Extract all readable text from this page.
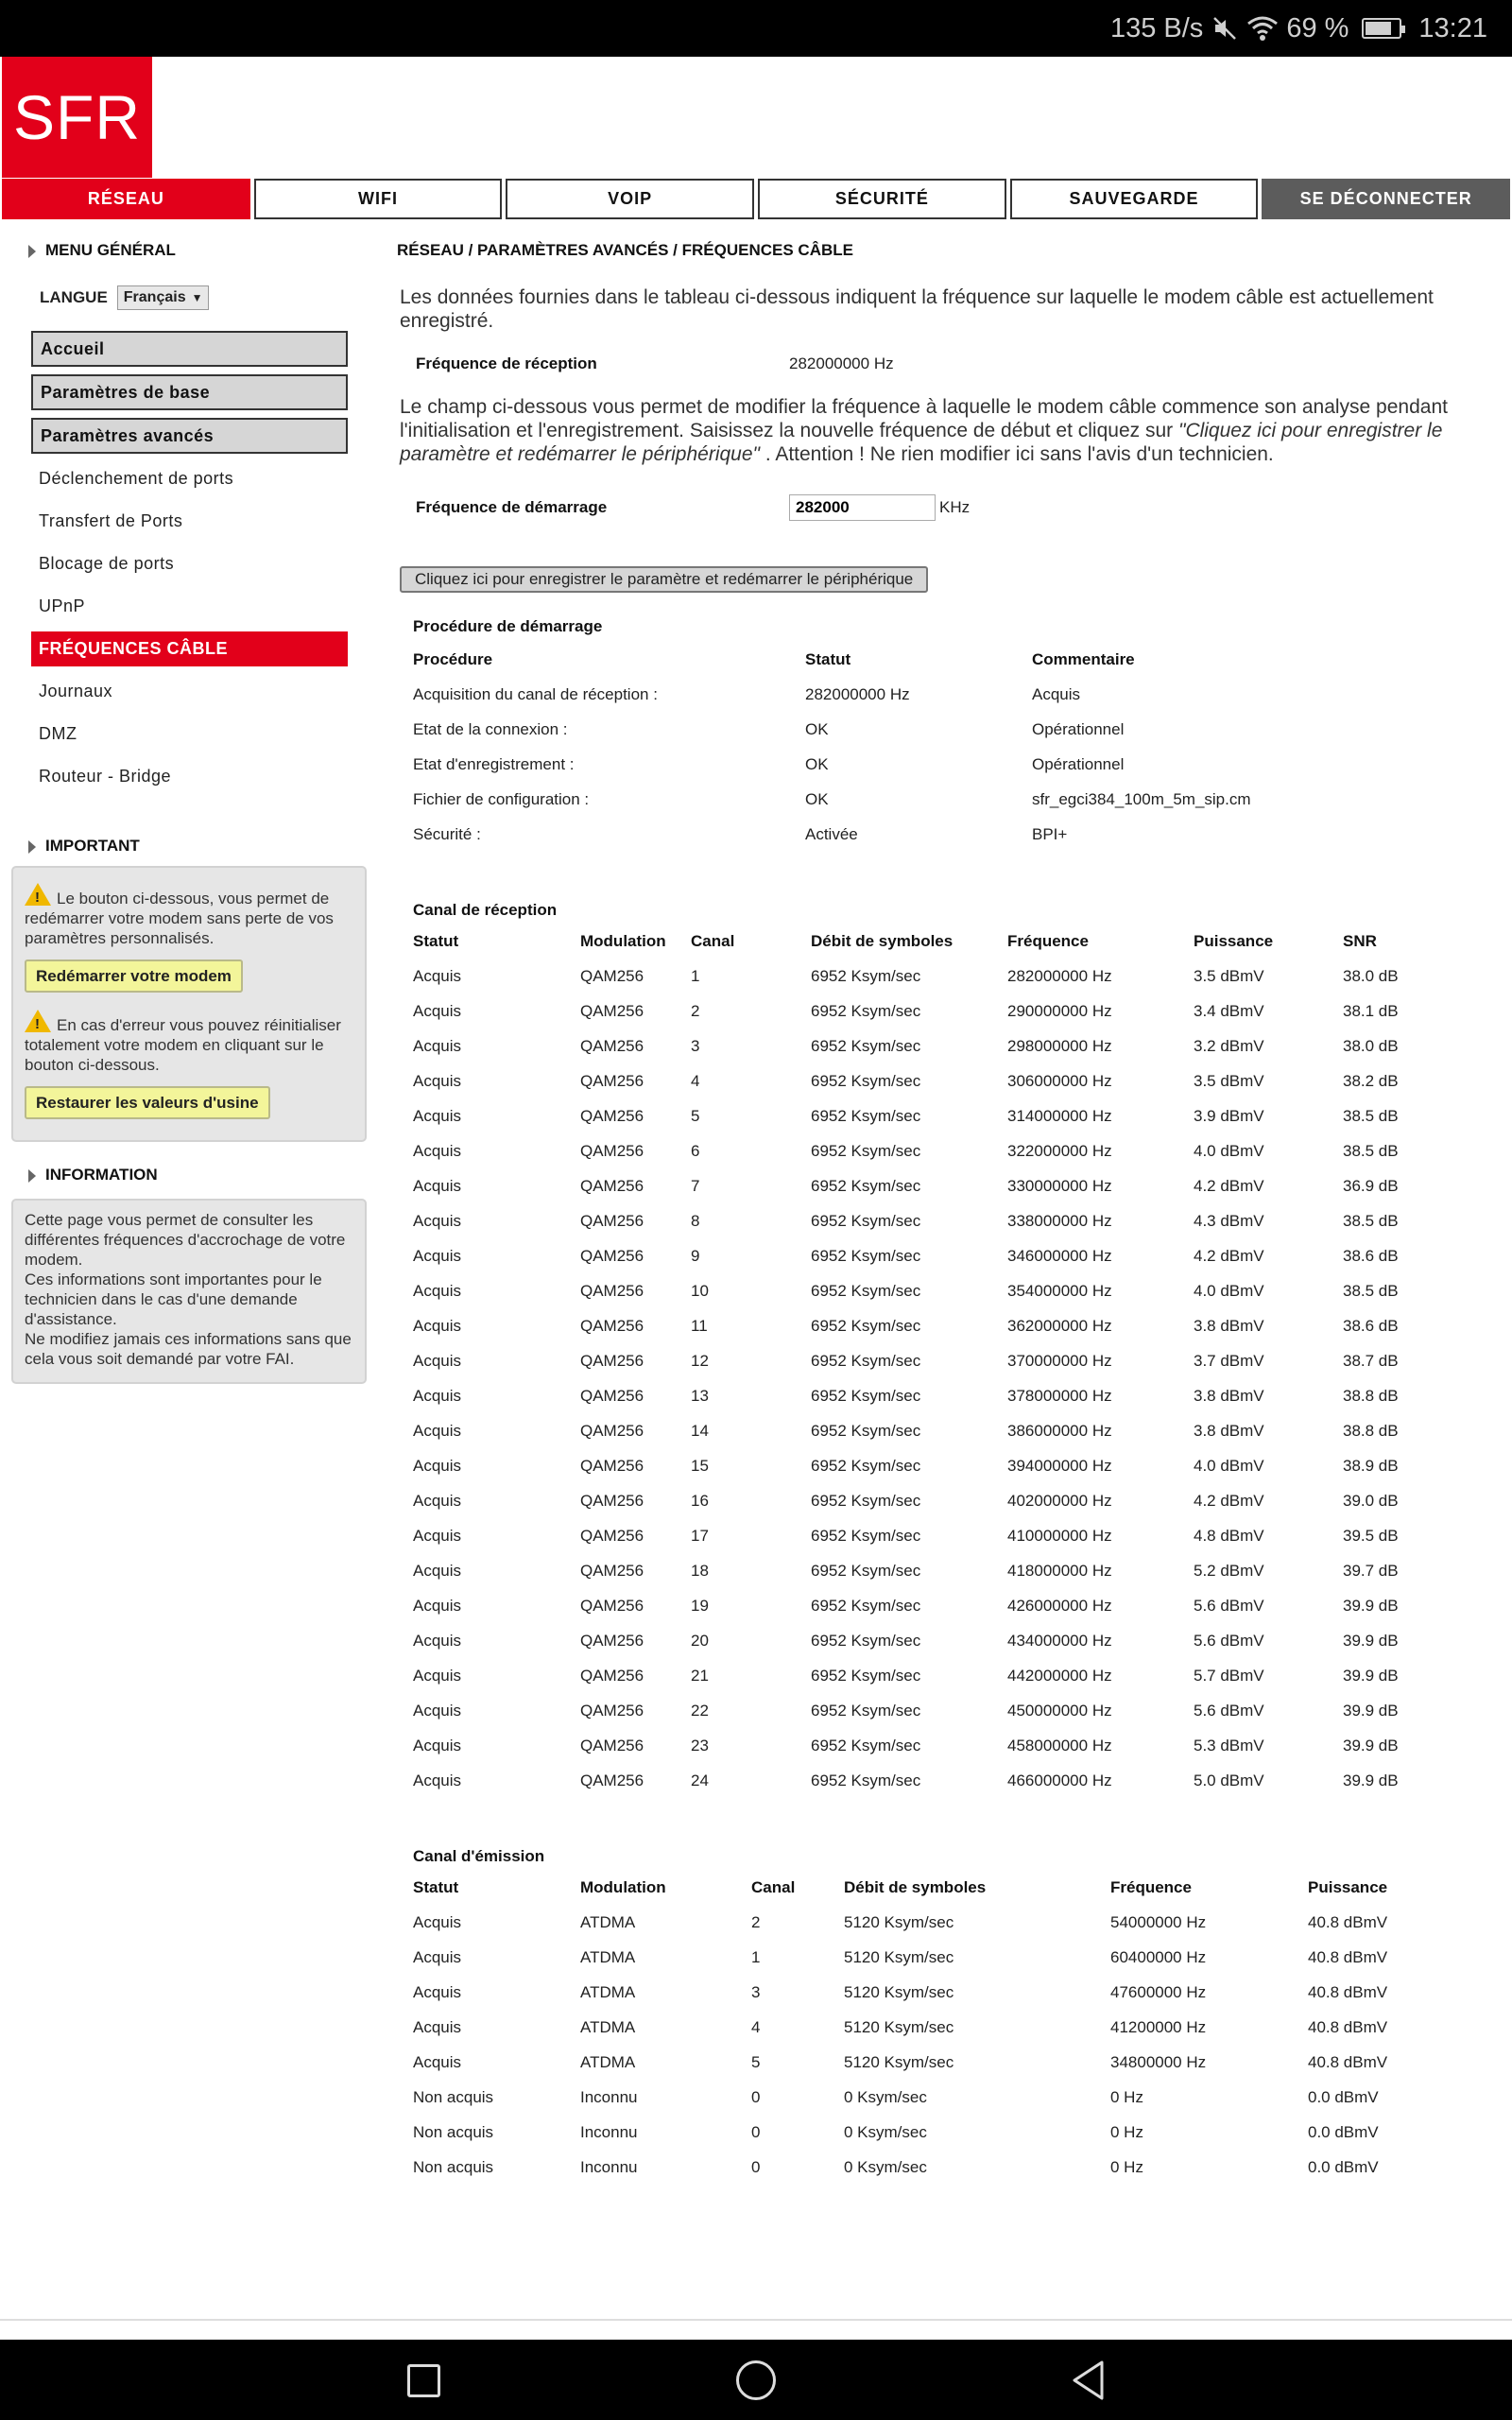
135 B/s	69 %	13:21
SFR
RÉSEAU	WIFI	VOIP	SÉCURITÉ	SAUVEGARDE	SE DÉCONNECTER
MENU GÉNÉRAL
LANGUE Français ▼
Accueil
Paramètres de base
Paramètres avancés
Déclenchement de ports
Transfert de Ports
Blocage de ports
UPnP
FRÉQUENCES CÂBLE
Journaux
DMZ
Routeur - Bridge
IMPORTANT
!Le bouton ci-dessous, vous permet de redémarrer votre modem sans perte de vos paramètres personnalisés.
Redémarrer votre modem
!En cas d'erreur vous pouvez réinitialiser totalement votre modem en cliquant sur le bouton ci-dessous.
Restaurer les valeurs d'usine
INFORMATION
Cette page vous permet de consulter les différentes fréquences d'accrochage de votre modem.
Ces informations sont importantes pour le technicien dans le cas d'une demande d'assistance.
Ne modifiez jamais ces informations sans que cela vous soit demandé par votre FAI.
RÉSEAU / PARAMÈTRES AVANCÉS / FRÉQUENCES CÂBLE
Les données fournies dans le tableau ci-dessous indiquent la fréquence sur laquelle le modem câble est actuellement enregistré.
Fréquence de réception	282000000 Hz
Le champ ci-dessous vous permet de modifier la fréquence à laquelle le modem câble commence son analyse pendant l'initialisation et l'enregistrement. Saisissez la nouvelle fréquence de début et cliquez sur "Cliquez ici pour enregistrer le paramètre et redémarrer le périphérique" . Attention ! Ne rien modifier ici sans l'avis d'un technicien.
Fréquence de démarrage
282000	KHz
Cliquez ici pour enregistrer le paramètre et redémarrer le périphérique
Procédure de démarrage
Procédure	Statut	Commentaire
Acquisition du canal de réception :	282000000 Hz	Acquis
Etat de la connexion :	OK	Opérationnel
Etat d'enregistrement :	OK	Opérationnel
Fichier de configuration :	OK	sfr_egci384_100m_5m_sip.cm
Sécurité :	Activée	BPI+
Canal de réception
Statut	Modulation	Canal	Débit de symboles	Fréquence	Puissance	SNR
Acquis	QAM256	1	6952 Ksym/sec	282000000 Hz	3.5 dBmV	38.0 dB
Acquis	QAM256	2	6952 Ksym/sec	290000000 Hz	3.4 dBmV	38.1 dB
Acquis	QAM256	3	6952 Ksym/sec	298000000 Hz	3.2 dBmV	38.0 dB
Acquis	QAM256	4	6952 Ksym/sec	306000000 Hz	3.5 dBmV	38.2 dB
Acquis	QAM256	5	6952 Ksym/sec	314000000 Hz	3.9 dBmV	38.5 dB
Acquis	QAM256	6	6952 Ksym/sec	322000000 Hz	4.0 dBmV	38.5 dB
Acquis	QAM256	7	6952 Ksym/sec	330000000 Hz	4.2 dBmV	36.9 dB
Acquis	QAM256	8	6952 Ksym/sec	338000000 Hz	4.3 dBmV	38.5 dB
Acquis	QAM256	9	6952 Ksym/sec	346000000 Hz	4.2 dBmV	38.6 dB
Acquis	QAM256	10	6952 Ksym/sec	354000000 Hz	4.0 dBmV	38.5 dB
Acquis	QAM256	11	6952 Ksym/sec	362000000 Hz	3.8 dBmV	38.6 dB
Acquis	QAM256	12	6952 Ksym/sec	370000000 Hz	3.7 dBmV	38.7 dB
Acquis	QAM256	13	6952 Ksym/sec	378000000 Hz	3.8 dBmV	38.8 dB
Acquis	QAM256	14	6952 Ksym/sec	386000000 Hz	3.8 dBmV	38.8 dB
Acquis	QAM256	15	6952 Ksym/sec	394000000 Hz	4.0 dBmV	38.9 dB
Acquis	QAM256	16	6952 Ksym/sec	402000000 Hz	4.2 dBmV	39.0 dB
Acquis	QAM256	17	6952 Ksym/sec	410000000 Hz	4.8 dBmV	39.5 dB
Acquis	QAM256	18	6952 Ksym/sec	418000000 Hz	5.2 dBmV	39.7 dB
Acquis	QAM256	19	6952 Ksym/sec	426000000 Hz	5.6 dBmV	39.9 dB
Acquis	QAM256	20	6952 Ksym/sec	434000000 Hz	5.6 dBmV	39.9 dB
Acquis	QAM256	21	6952 Ksym/sec	442000000 Hz	5.7 dBmV	39.9 dB
Acquis	QAM256	22	6952 Ksym/sec	450000000 Hz	5.6 dBmV	39.9 dB
Acquis	QAM256	23	6952 Ksym/sec	458000000 Hz	5.3 dBmV	39.9 dB
Acquis	QAM256	24	6952 Ksym/sec	466000000 Hz	5.0 dBmV	39.9 dB
Canal d'émission
Statut	Modulation	Canal	Débit de symboles	Fréquence	Puissance
Acquis	ATDMA	2	5120 Ksym/sec	54000000 Hz	40.8 dBmV
Acquis	ATDMA	1	5120 Ksym/sec	60400000 Hz	40.8 dBmV
Acquis	ATDMA	3	5120 Ksym/sec	47600000 Hz	40.8 dBmV
Acquis	ATDMA	4	5120 Ksym/sec	41200000 Hz	40.8 dBmV
Acquis	ATDMA	5	5120 Ksym/sec	34800000 Hz	40.8 dBmV
Non acquis	Inconnu	0	0 Ksym/sec	0 Hz	0.0 dBmV
Non acquis	Inconnu	0	0 Ksym/sec	0 Hz	0.0 dBmV
Non acquis	Inconnu	0	0 Ksym/sec	0 Hz	0.0 dBmV
